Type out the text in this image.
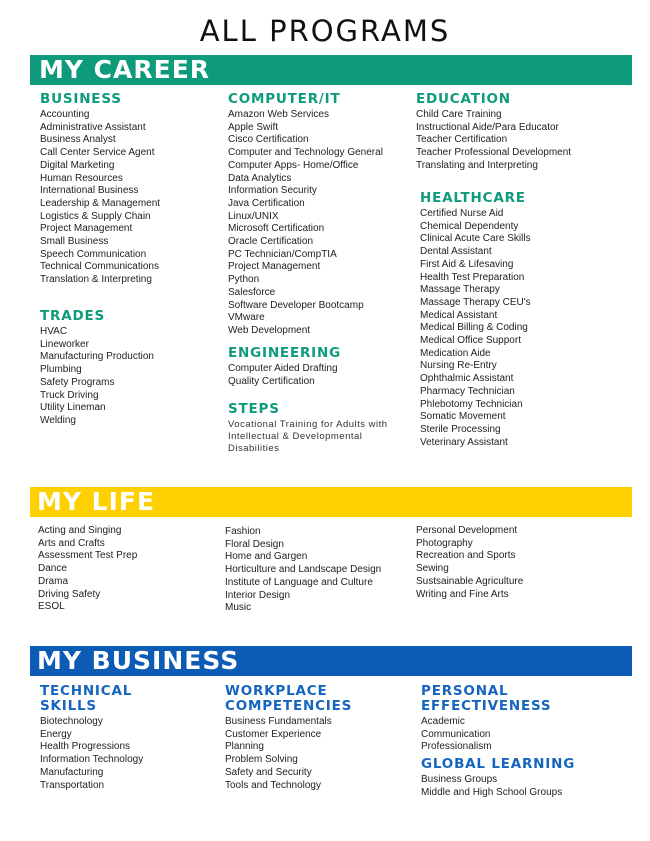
ALL PROGRAMS
MY CAREER
BUSINESS
Accounting
Administrative Assistant
Business Analyst
Call Center Service Agent
Digital Marketing
Human Resources
International Business
Leadership & Management
Logistics & Supply Chain
Project Management
Small Business
Speech Communication
Technical Communications
Translation & Interpreting
TRADES
HVAC
Lineworker
Manufacturing Production
Plumbing
Safety Programs
Truck Driving
Utility Lineman
Welding
COMPUTER/IT
Amazon Web Services
Apple Swift
Cisco Certification
Computer and Technology General
Computer Apps- Home/Office
Data Analytics
Information Security
Java Certification
Linux/UNIX
Microsoft Certification
Oracle Certification
PC Technician/CompTIA
Project Management
Python
Salesforce
Software Developer Bootcamp
VMware
Web Development
ENGINEERING
Computer Aided Drafting
Quality Certification
STEPS
Vocational Training for Adults with Intellectual & Developmental Disabilities
EDUCATION
Child Care Training
Instructional Aide/Para Educator
Teacher Certification
Teacher Professional Development
Translating and Interpreting
HEALTHCARE
Certified Nurse Aid
Chemical Dependenty
Clinical Acute Care Skills
Dental Assistant
First Aid & Lifesaving
Health Test Preparation
Massage Therapy
Massage Therapy CEU's
Medical Assistant
Medical Billing & Coding
Medical Office Support
Medication Aide
Nursing Re-Entry
Ophthalmic Assistant
Pharmacy Technician
Phlebotomy Technician
Somatic Movement
Sterile Processing
Veterinary Assistant
MY LIFE
Acting and Singing
Arts and Crafts
Assessment Test Prep
Dance
Drama
Driving Safety
ESOL
Fashion
Floral Design
Home and Gargen
Horticulture and Landscape Design
Institute of Language and Culture
Interior Design
Music
Personal Development
Photography
Recreation and Sports
Sewing
Sustsainable Agriculture
Writing and Fine Arts
MY BUSINESS
TECHNICAL
SKILLS
Biotechnology
Energy
Health Progressions
Information Technology
Manufacturing
Transportation
WORKPLACE
COMPETENCIES
Business Fundamentals
Customer Experience
Planning
Problem Solving
Safety and Security
Tools and Technology
PERSONAL
EFFECTIVENESS
Academic
Communication
Professionalism
GLOBAL LEARNING
Business Groups
Middle and High School Groups
